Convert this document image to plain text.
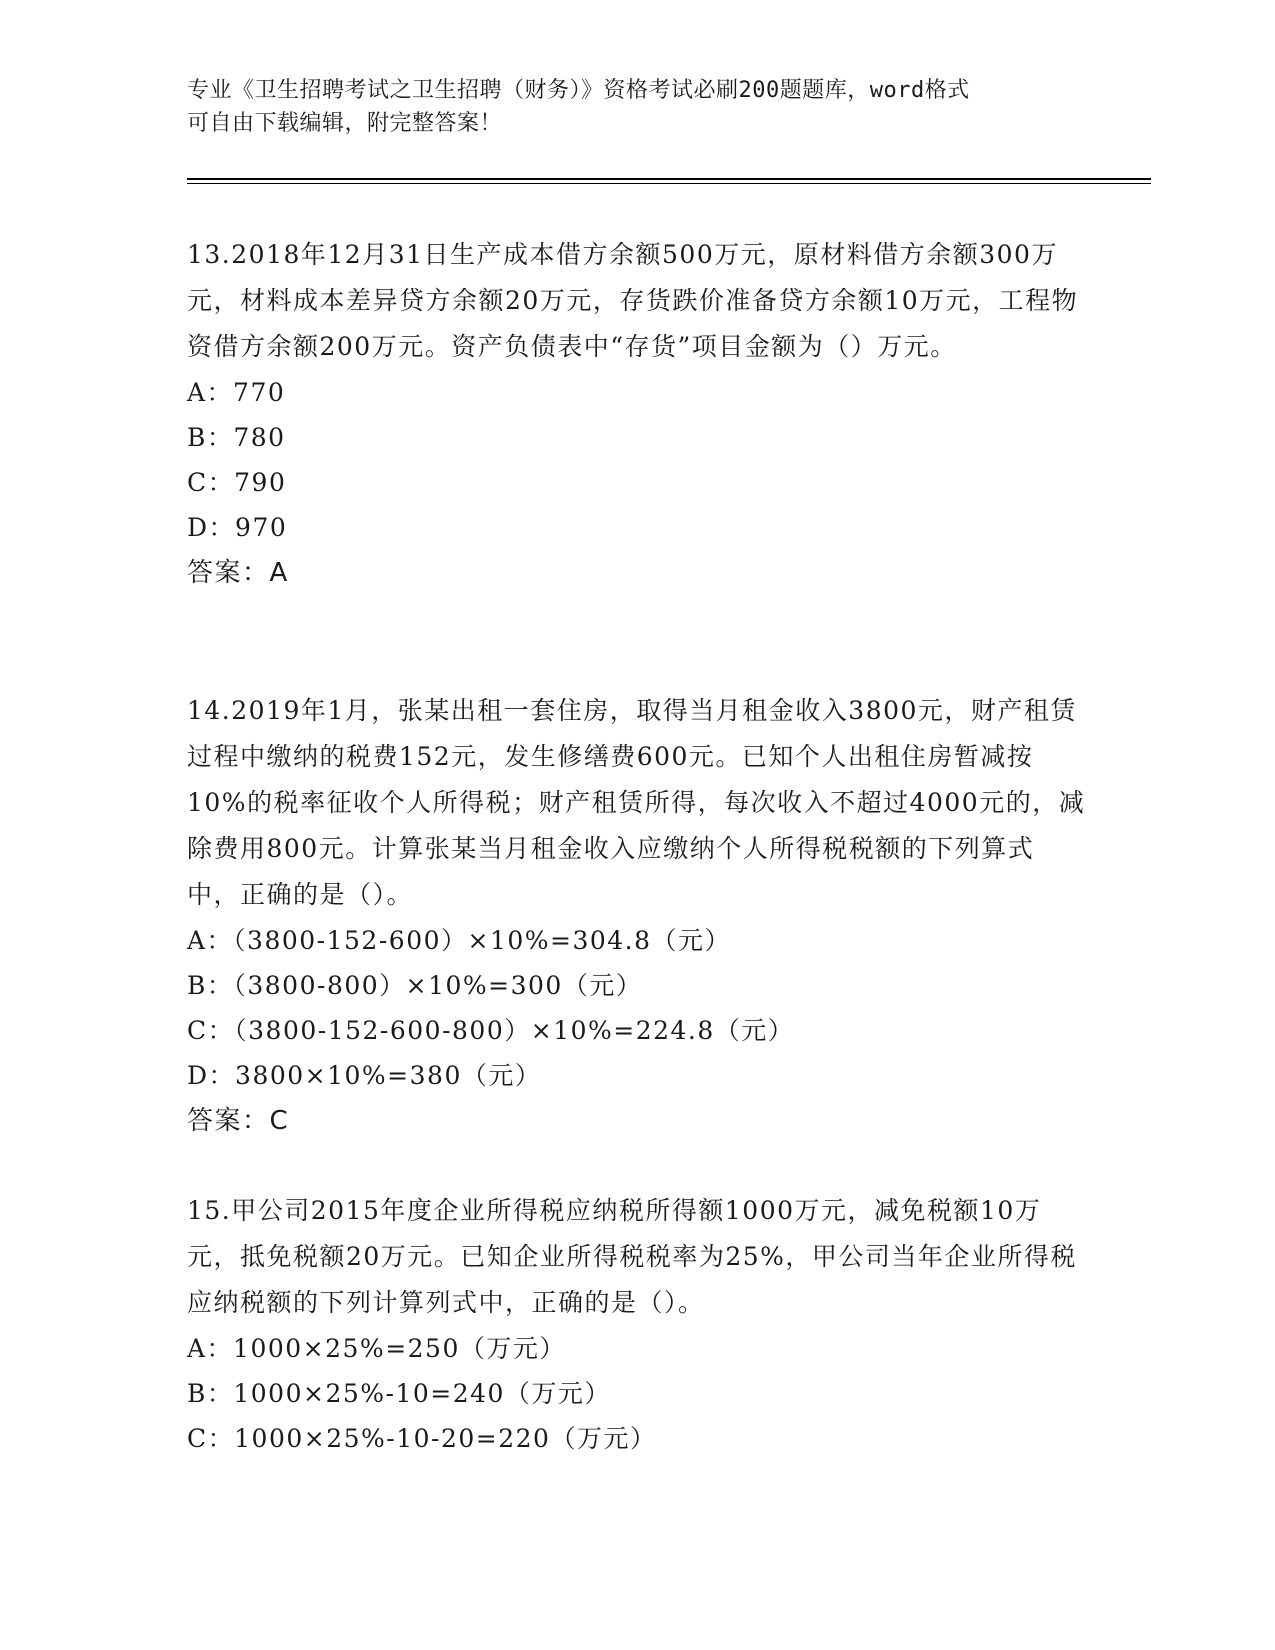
专业《卫生招聘考试之卫生招聘（财务）》资格考试必刷200题题库，word格式
可自由下载编辑，附完整答案！

13.2018年12月31日生产成本借方余额500万元，原材料借方余额300万元，材料成本差异贷方余额20万元，存货跌价准备贷方余额10万元，工程物资借方余额200万元。资产负债表中“存货”项目金额为（）万元。

A：770

B：780

C：790

D：970

答案：A

14.2019年1月，张某出租一套住房，取得当月租金收入3800元，财产租赁过程中缴纳的税费152元，发生修缮费600元。已知个人出租住房暂减按10%的税率征收个人所得税；财产租赁所得，每次收入不超过4000元的，减除费用800元。计算张某当月租金收入应缴纳个人所得税税额的下列算式中，正确的是（）。

A：（3800-152-600）×10%=304.8（元）

B：（3800-800）×10%=300（元）

C：（3800-152-600-800）×10%=224.8（元）

D：3800×10%=380（元）

答案：C

15.甲公司2015年度企业所得税应纳税所得额1000万元，减免税额10万元，抵免税额20万元。已知企业所得税税率为25%，甲公司当年企业所得税应纳税额的下列计算列式中，正确的是（）。

A：1000×25%=250（万元）

B：1000×25%-10=240（万元）

C：1000×25%-10-20=220（万元）
